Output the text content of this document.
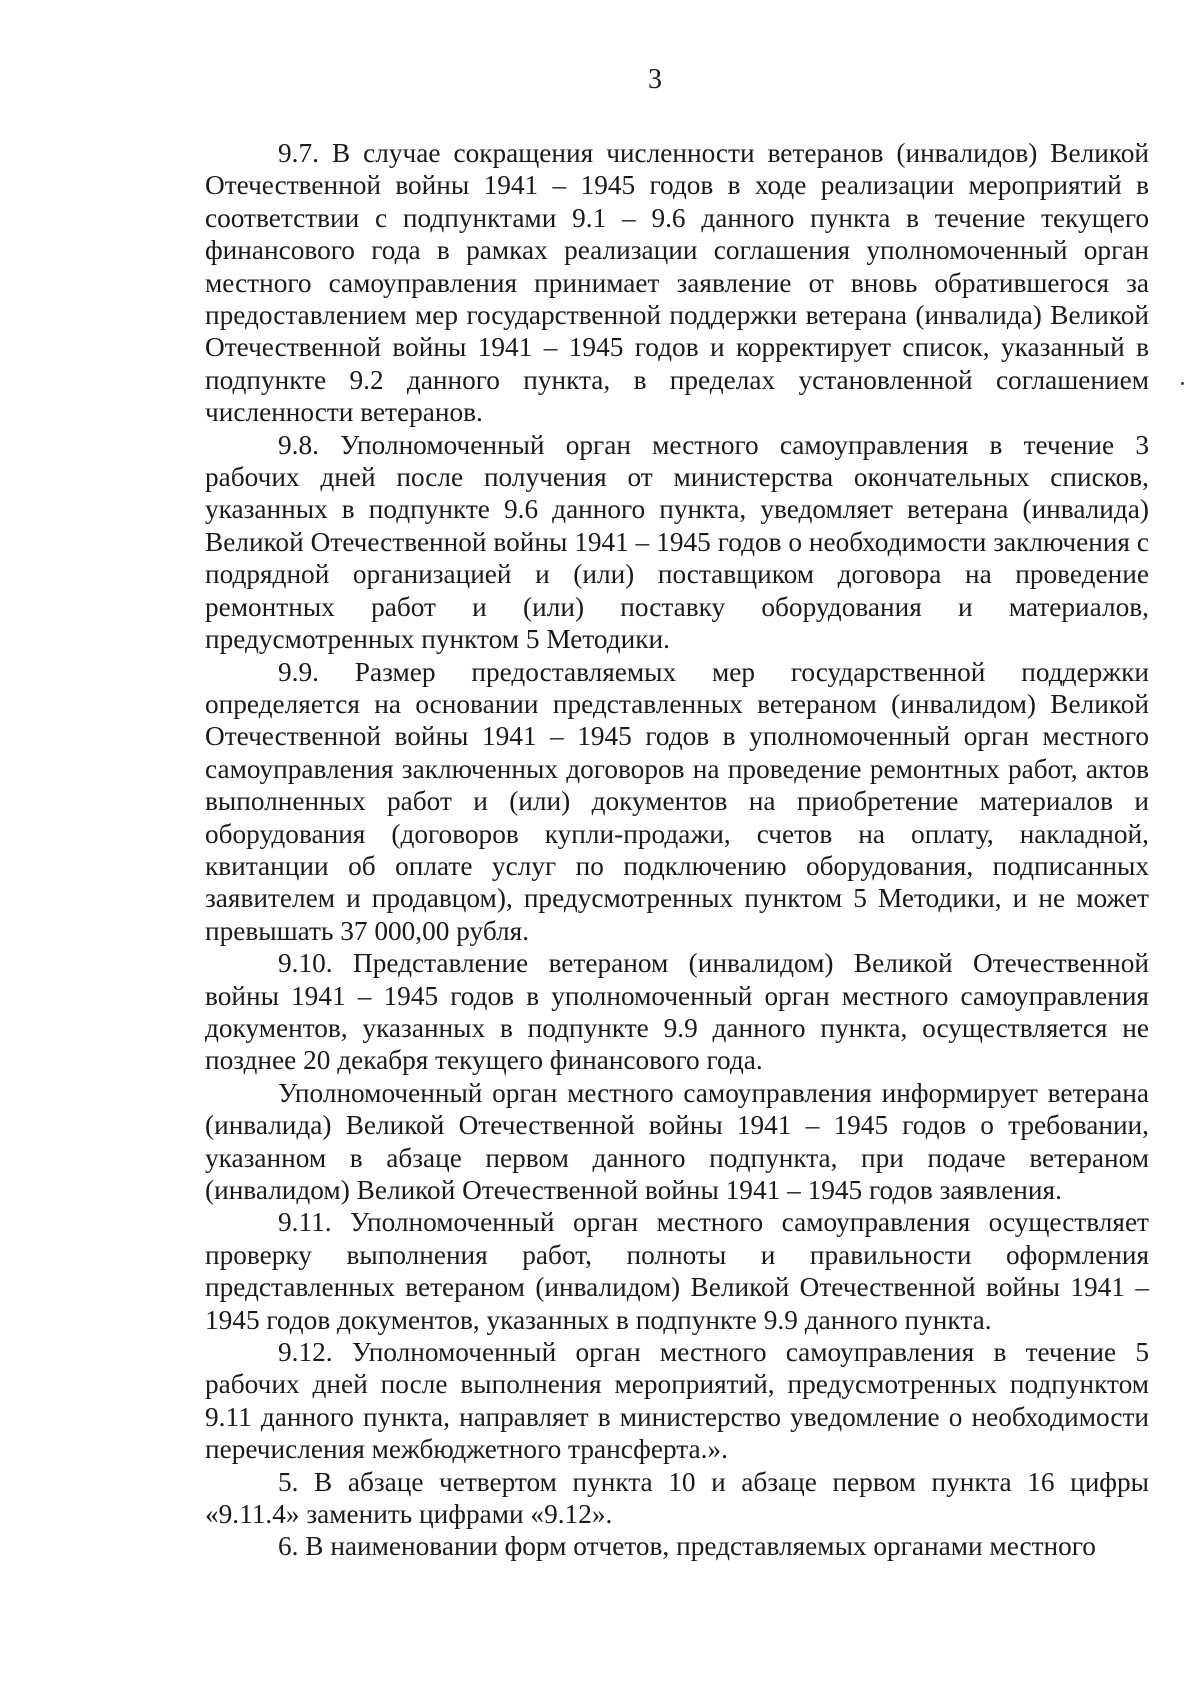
3

9.7. В случае сокращения численности ветеранов (инвалидов) Великой Отечественной войны 1941 – 1945 годов в ходе реализации мероприятий в соответствии с подпунктами 9.1 – 9.6 данного пункта в течение текущего финансового года в рамках реализации соглашения уполномоченный орган местного самоуправления принимает заявление от вновь обратившегося за предоставлением мер государственной поддержки ветерана (инвалида) Великой Отечественной войны 1941 – 1945 годов и корректирует список, указанный в подпункте 9.2 данного пункта, в пределах установленной соглашением численности ветеранов.

9.8. Уполномоченный орган местного самоуправления в течение 3 рабочих дней после получения от министерства окончательных списков, указанных в подпункте 9.6 данного пункта, уведомляет ветерана (инвалида) Великой Отечественной войны 1941 – 1945 годов о необходимости заключения с подрядной организацией и (или) поставщиком договора на проведение ремонтных работ и (или) поставку оборудования и материалов, предусмотренных пунктом 5 Методики.

9.9. Размер предоставляемых мер государственной поддержки определяется на основании представленных ветераном (инвалидом) Великой Отечественной войны 1941 – 1945 годов в уполномоченный орган местного самоуправления заключенных договоров на проведение ремонтных работ, актов выполненных работ и (или) документов на приобретение материалов и оборудования (договоров купли-продажи, счетов на оплату, накладной, квитанции об оплате услуг по подключению оборудования, подписанных заявителем и продавцом), предусмотренных пунктом 5 Методики, и не может превышать 37 000,00 рубля.

9.10. Представление ветераном (инвалидом) Великой Отечественной войны 1941 – 1945 годов в уполномоченный орган местного самоуправления документов, указанных в подпункте 9.9 данного пункта, осуществляется не позднее 20 декабря текущего финансового года.

Уполномоченный орган местного самоуправления информирует ветерана (инвалида) Великой Отечественной войны 1941 – 1945 годов о требовании, указанном в абзаце первом данного подпункта, при подаче ветераном (инвалидом) Великой Отечественной войны 1941 – 1945 годов заявления.

9.11. Уполномоченный орган местного самоуправления осуществляет проверку выполнения работ, полноты и правильности оформления представленных ветераном (инвалидом) Великой Отечественной войны 1941 – 1945 годов документов, указанных в подпункте 9.9 данного пункта.

9.12. Уполномоченный орган местного самоуправления в течение 5 рабочих дней после выполнения мероприятий, предусмотренных подпунктом 9.11 данного пункта, направляет в министерство уведомление о необходимости перечисления межбюджетного трансферта.».

5. В абзаце четвертом пункта 10 и абзаце первом пункта 16 цифры «9.11.4» заменить цифрами «9.12».

6. В наименовании форм отчетов, представляемых органами местного
